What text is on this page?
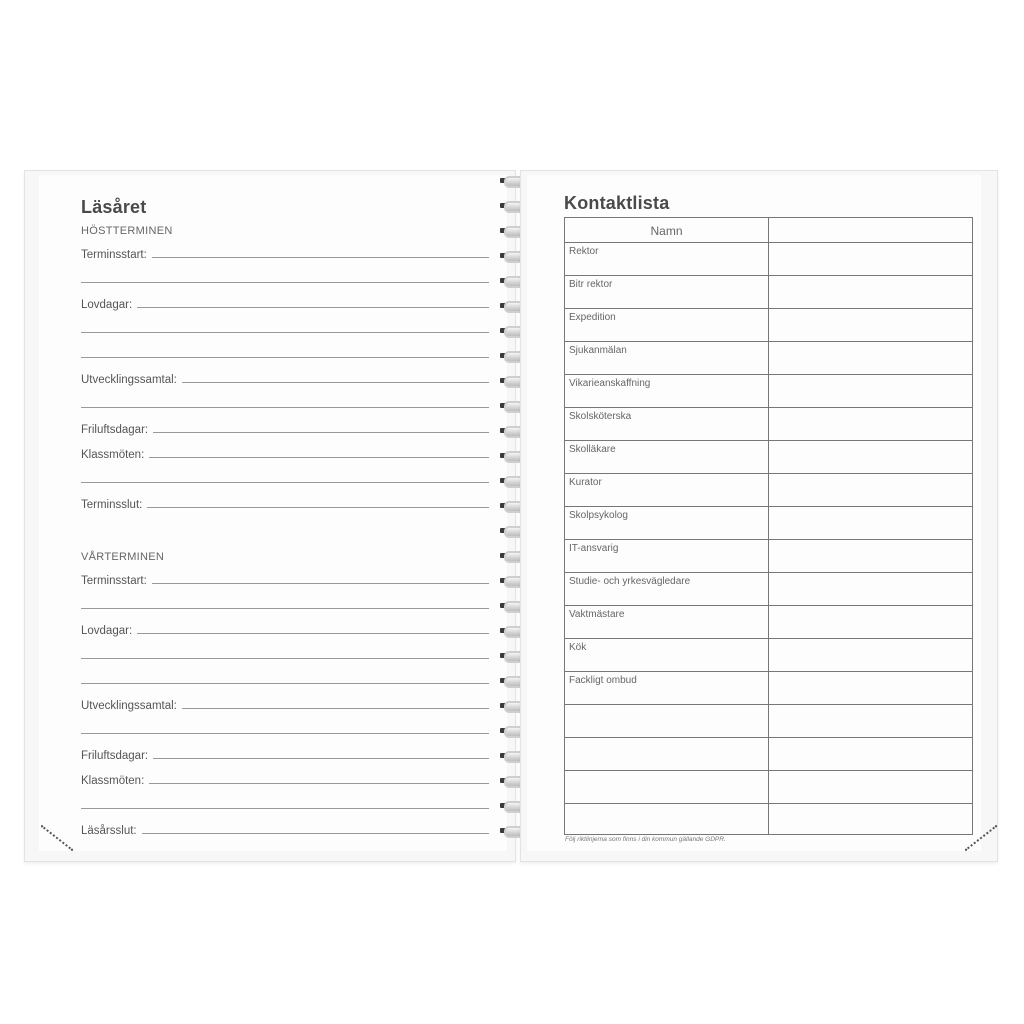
Läsåret
HÖSTTERMINEN
Terminsstart:
Lovdagar:
Utvecklingssamtal:
Friluftsdagar:
Klassmöten:
Terminsslut:
VÅRTERMINEN
Terminsstart:
Lovdagar:
Utvecklingssamtal:
Friluftsdagar:
Klassmöten:
Läsårsslut:
Kontaktlista
Namn
Rektor
Bitr rektor
Expedition
Sjukanmälan
Vikarieanskaffning
Skolsköterska
Skolläkare
Kurator
Skolpsykolog
IT-ansvarig
Studie- och yrkesvägledare
Vaktmästare
Kök
Fackligt ombud
Följ riktlinjerna som finns i din kommun gällande GDPR.
